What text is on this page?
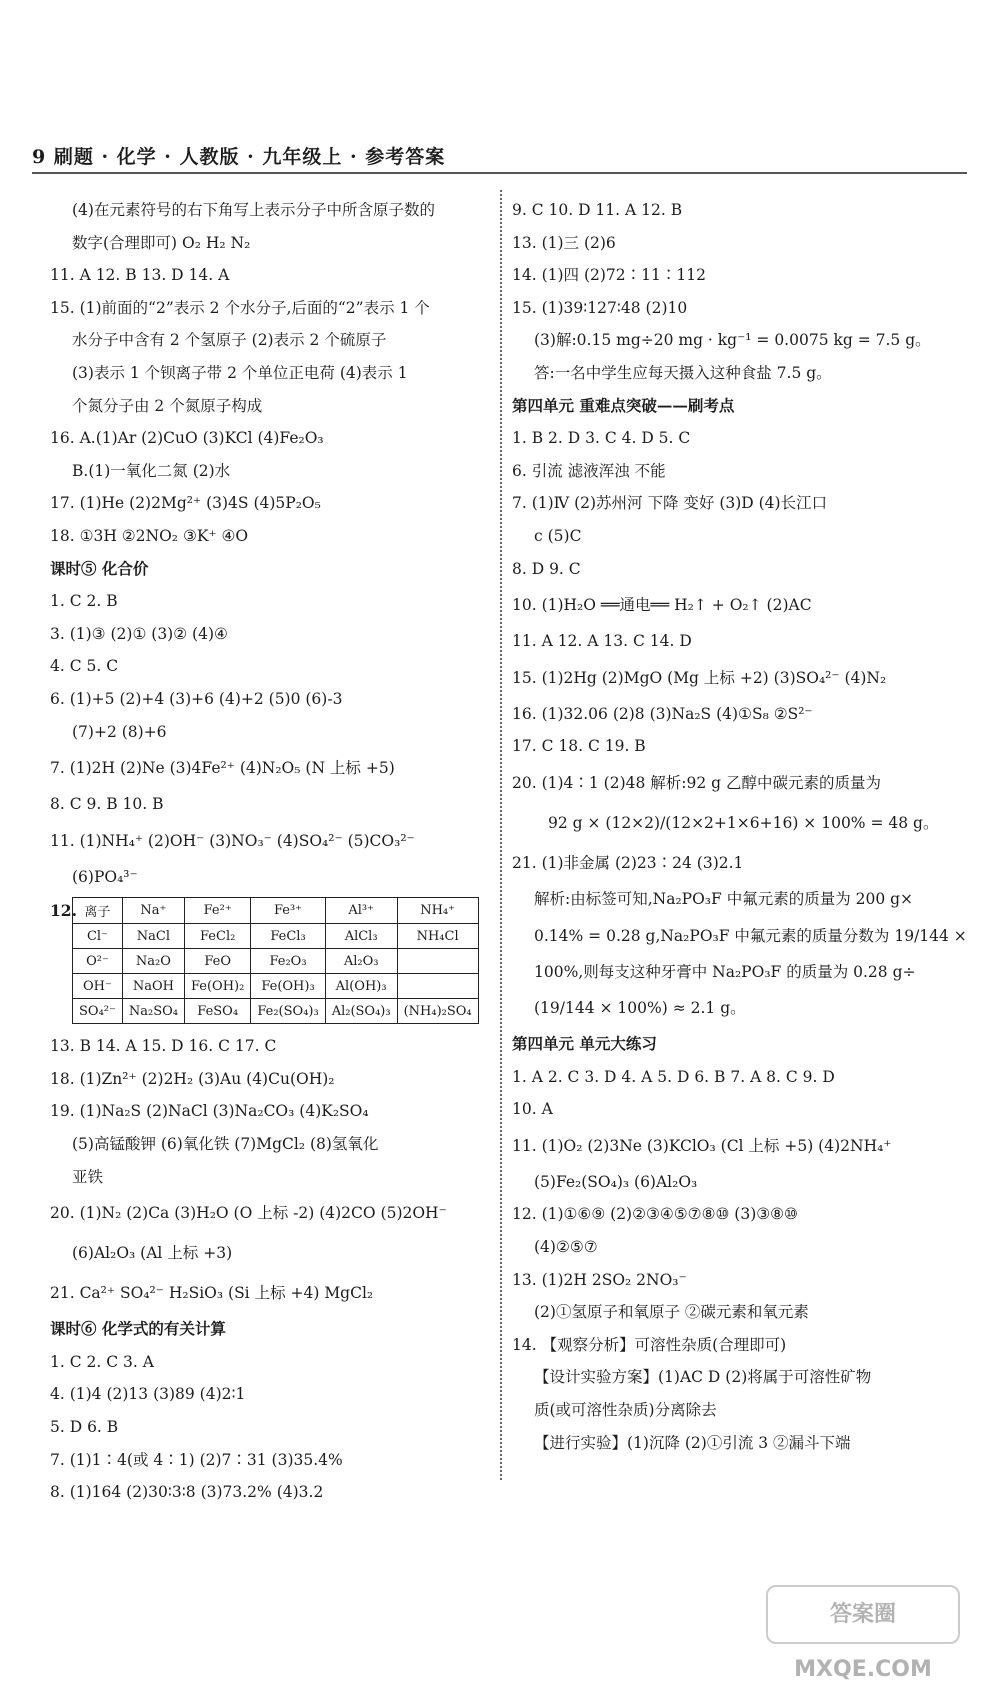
9 刷题 · 化学 · 人教版 · 九年级上 · 参考答案
(4)在元素符号的右下角写上表示分子中所含原子数的
数字(合理即可) O₂ H₂ N₂
11. A 12. B 13. D 14. A
15. (1)前面的“2”表示 2 个水分子,后面的“2”表示 1 个
水分子中含有 2 个氢原子 (2)表示 2 个硫原子
(3)表示 1 个钡离子带 2 个单位正电荷 (4)表示 1
个氮分子由 2 个氮原子构成
16. A.(1)Ar (2)CuO (3)KCl (4)Fe₂O₃
B.(1)一氧化二氮 (2)水
17. (1)He (2)2Mg²⁺ (3)4S (4)5P₂O₅
18. ①3H ②2NO₂ ③K⁺ ④O
课时⑤ 化合价
1. C 2. B
3. (1)③ (2)① (3)② (4)④
4. C 5. C
6. (1)+5 (2)+4 (3)+6 (4)+2 (5)0 (6)-3
(7)+2 (8)+6
7. (1)2H (2)Ne (3)4Fe²⁺ (4)N₂O₅ (N 上标 +5)
8. C 9. B 10. B
11. (1)NH₄⁺ (2)OH⁻ (3)NO₃⁻ (4)SO₄²⁻ (5)CO₃²⁻
(6)PO₄³⁻
12. 离子	Na⁺	Fe²⁺	Fe³⁺	Al³⁺	NH₄⁺
Cl⁻	NaCl	FeCl₂	FeCl₃	AlCl₃	NH₄Cl
O²⁻	Na₂O	FeO	Fe₂O₃	Al₂O₃	
OH⁻	NaOH	Fe(OH)₂	Fe(OH)₃	Al(OH)₃	
SO₄²⁻	Na₂SO₄	FeSO₄	Fe₂(SO₄)₃	Al₂(SO₄)₃	(NH₄)₂SO₄
13. B 14. A 15. D 16. C 17. C
18. (1)Zn²⁺ (2)2H₂ (3)Au (4)Cu(OH)₂
19. (1)Na₂S (2)NaCl (3)Na₂CO₃ (4)K₂SO₄
(5)高锰酸钾 (6)氧化铁 (7)MgCl₂ (8)氢氧化
亚铁
20. (1)N₂ (2)Ca (3)H₂O (O 上标 -2) (4)2CO (5)2OH⁻
(6)Al₂O₃ (Al 上标 +3)
21. Ca²⁺ SO₄²⁻ H₂SiO₃ (Si 上标 +4) MgCl₂
课时⑥ 化学式的有关计算
1. C 2. C 3. A
4. (1)4 (2)13 (3)89 (4)2∶1
5. D 6. B
7. (1)1∶4(或 4∶1) (2)7∶31 (3)35.4%
8. (1)164 (2)30∶3∶8 (3)73.2% (4)3.2
9. C 10. D 11. A 12. B
13. (1)三 (2)6
14. (1)四 (2)72∶11∶112
15. (1)39∶127∶48 (2)10
(3)解:0.15 mg÷20 mg · kg⁻¹ = 0.0075 kg = 7.5 g。
答:一名中学生应每天摄入这种食盐 7.5 g。
第四单元 重难点突破——刷考点
1. B 2. D 3. C 4. D 5. C
6. 引流 滤液浑浊 不能
7. (1)Ⅳ (2)苏州河 下降 变好 (3)D (4)长江口
c (5)C
8. D 9. C
10. (1)H₂O ══通电══ H₂↑ + O₂↑ (2)AC
11. A 12. A 13. C 14. D
15. (1)2Hg (2)MgO (Mg 上标 +2) (3)SO₄²⁻ (4)N₂
16. (1)32.06 (2)8 (3)Na₂S (4)①S₈ ②S²⁻
17. C 18. C 19. B
20. (1)4∶1 (2)48 解析:92 g 乙醇中碳元素的质量为
92 g × (12×2)/(12×2+1×6+16) × 100% = 48 g。
21. (1)非金属 (2)23∶24 (3)2.1
解析:由标签可知,Na₂PO₃F 中氟元素的质量为 200 g×
0.14% = 0.28 g,Na₂PO₃F 中氟元素的质量分数为 19/144 ×
100%,则每支这种牙膏中 Na₂PO₃F 的质量为 0.28 g÷
(19/144 × 100%) ≈ 2.1 g。
第四单元 单元大练习
1. A 2. C 3. D 4. A 5. D 6. B 7. A 8. C 9. D
10. A
11. (1)O₂ (2)3Ne (3)KClO₃ (Cl 上标 +5) (4)2NH₄⁺
(5)Fe₂(SO₄)₃ (6)Al₂O₃
12. (1)①⑥⑨ (2)②③④⑤⑦⑧⑩ (3)③⑧⑩
(4)②⑤⑦
13. (1)2H 2SO₂ 2NO₃⁻
(2)①氢原子和氧原子 ②碳元素和氧元素
14. 【观察分析】可溶性杂质(合理即可)
【设计实验方案】(1)AC D (2)将属于可溶性矿物
质(或可溶性杂质)分离除去
【进行实验】(1)沉降 (2)①引流 3 ②漏斗下端
答案圈 MXQE.COM
